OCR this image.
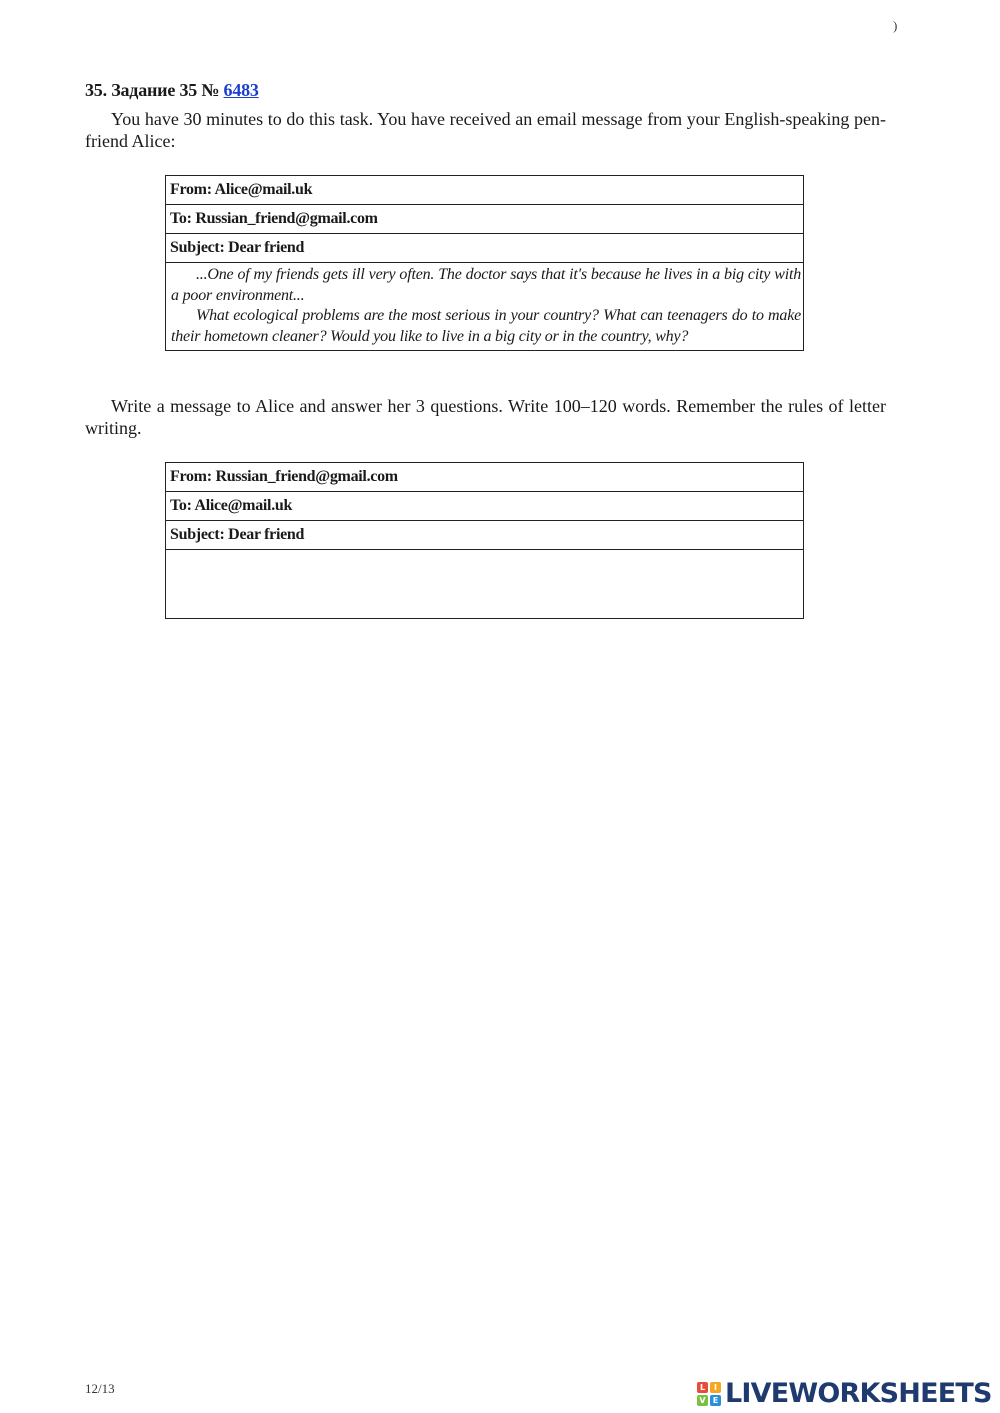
)
35. Задание 35 № 6483

You have 30 minutes to do this task. You have received an email message from your English-speaking pen-friend Alice:

From: Alice@mail.uk
To: Russian_friend@gmail.com
Subject: Dear friend

...One of my friends gets ill very often. The doctor says that it's because he lives in a big city with a poor environment...

What ecological problems are the most serious in your country? What can teenagers do to make their hometown cleaner? Would you like to live in a big city or in the country, why?

Write a message to Alice and answer her 3 questions. Write 100–120 words. Remember the rules of letter writing.

From: Russian_friend@gmail.com
To: Alice@mail.uk
Subject: Dear friend
12/13	L	I
V E LIVEWORKSHEETS
